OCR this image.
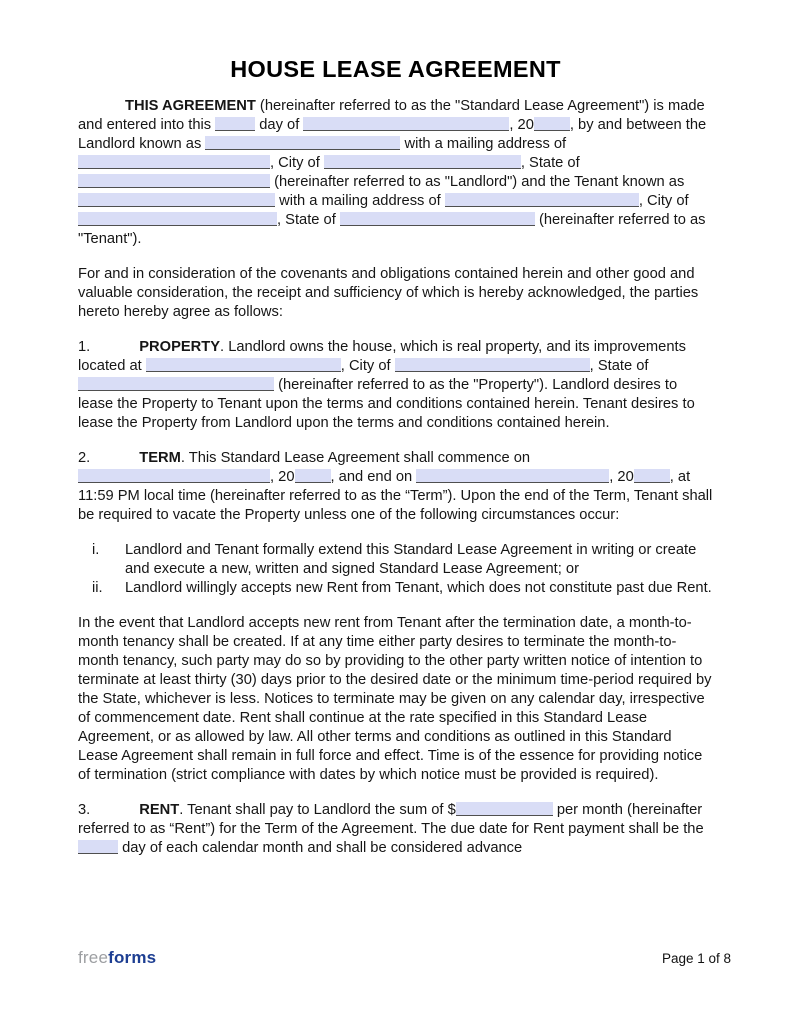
HOUSE LEASE AGREEMENT
THIS AGREEMENT (hereinafter referred to as the "Standard Lease Agreement") is made and entered into this	day of	, 20 , by and between the Landlord known as	with a mailing address of , City of	, State of  (hereinafter referred to as "Landlord") and the Tenant known as  with a mailing address of	, City of , State of	(hereinafter referred to as "Tenant").
For and in consideration of the covenants and obligations contained herein and other good and valuable consideration, the receipt and sufficiency of which is hereby acknowledged, the parties hereto hereby agree as follows:
1.	PROPERTY. Landlord owns the house, which is real property, and its improvements located at	, City of	, State of  (hereinafter referred to as the "Property"). Landlord desires to lease the Property to Tenant upon the terms and conditions contained herein. Tenant desires to lease the Property from Landlord upon the terms and conditions contained herein.
2.	TERM. This Standard Lease Agreement shall commence on , 20 , and end on	, 20 , at 11:59 PM local time (hereinafter referred to as the “Term”). Upon the end of the Term, Tenant shall be required to vacate the Property unless one of the following circumstances occur:
i.	Landlord and Tenant formally extend this Standard Lease Agreement in writing or create and execute a new, written and signed Standard Lease Agreement; or
ii.	Landlord willingly accepts new Rent from Tenant, which does not constitute past due Rent.
In the event that Landlord accepts new rent from Tenant after the termination date, a month-to-month tenancy shall be created. If at any time either party desires to terminate the month-to-month tenancy, such party may do so by providing to the other party written notice of intention to terminate at least thirty (30) days prior to the desired date or the minimum time-period required by the State, whichever is less. Notices to terminate may be given on any calendar day, irrespective of commencement date. Rent shall continue at the rate specified in this Standard Lease Agreement, or as allowed by law. All other terms and conditions as outlined in this Standard Lease Agreement shall remain in full force and effect. Time is of the essence for providing notice of termination (strict compliance with dates by which notice must be provided is required).
3.	RENT. Tenant shall pay to Landlord the sum of $	per month (hereinafter referred to as “Rent”) for the Term of the Agreement. The due date for Rent payment shall be the  day of each calendar month and shall be considered advance
freeforms	Page 1 of 8
